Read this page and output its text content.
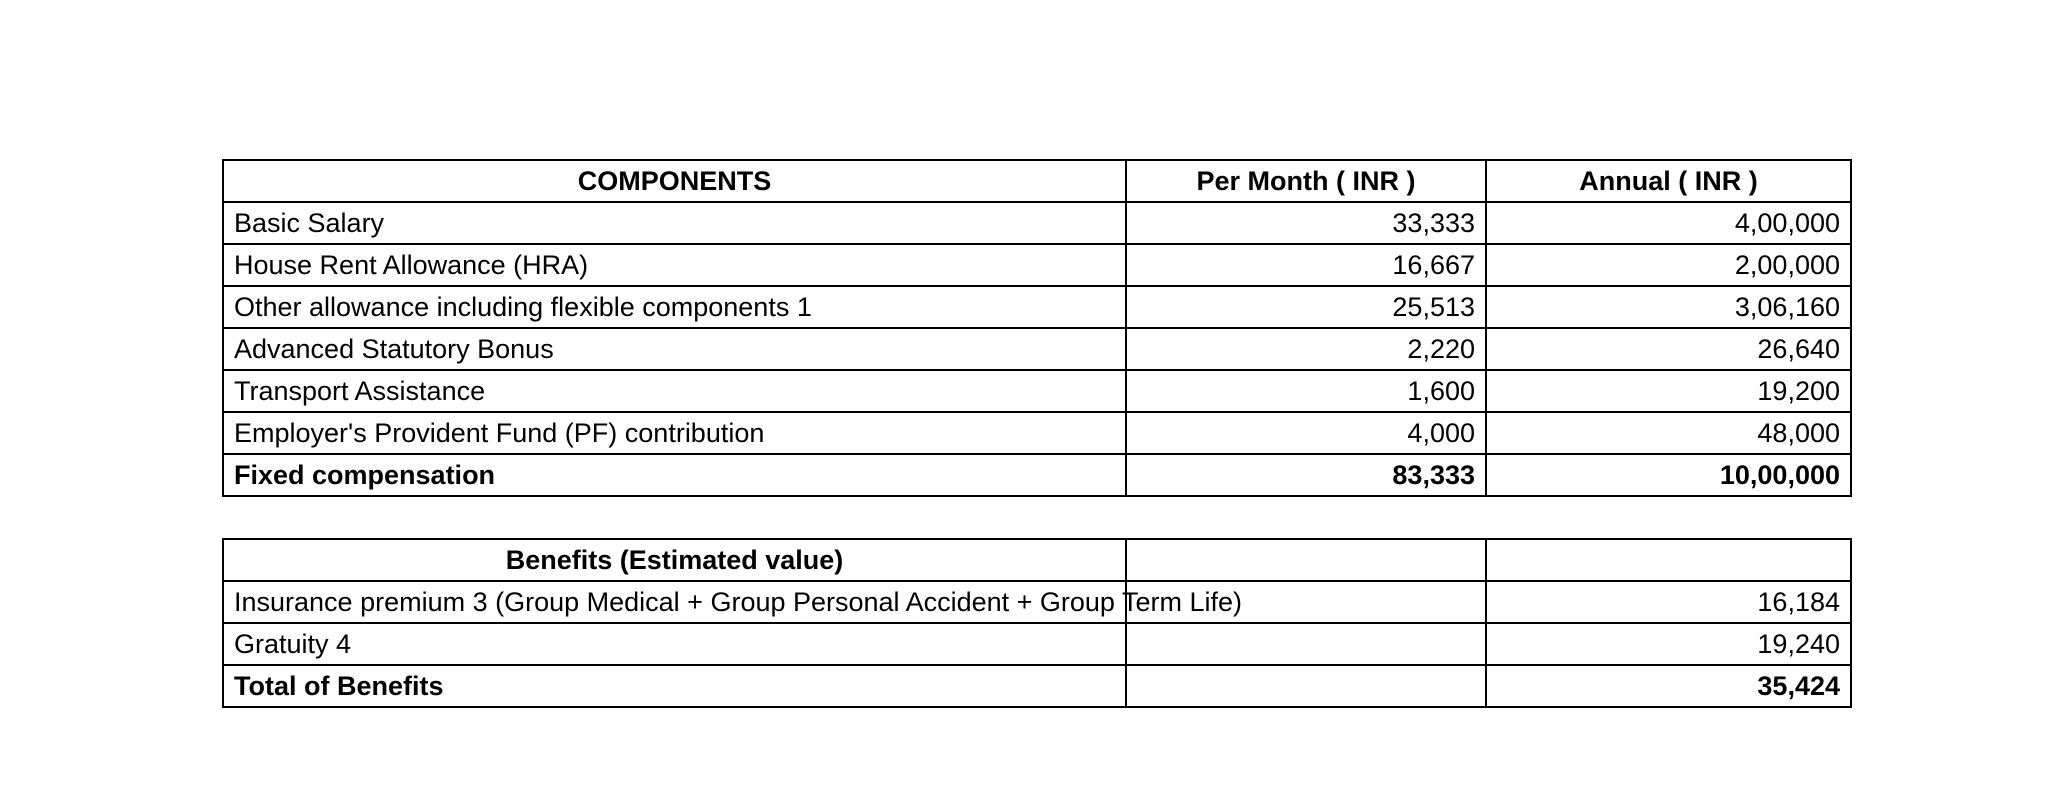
COMPONENTS	Per Month ( INR )	Annual ( INR )
Basic Salary	33,333	4,00,000
House Rent Allowance (HRA)	16,667	2,00,000
Other allowance including flexible components 1	25,513	3,06,160
Advanced Statutory Bonus	2,220	26,640
Transport Assistance	1,600	19,200
Employer's Provident Fund (PF) contribution	4,000	48,000
Fixed compensation	83,333	10,00,000
Benefits (Estimated value)		
Insurance premium 3 (Group Medical + Group Personal Accident + Group Term Life)		16,184
Gratuity 4		19,240
Total of Benefits		35,424
